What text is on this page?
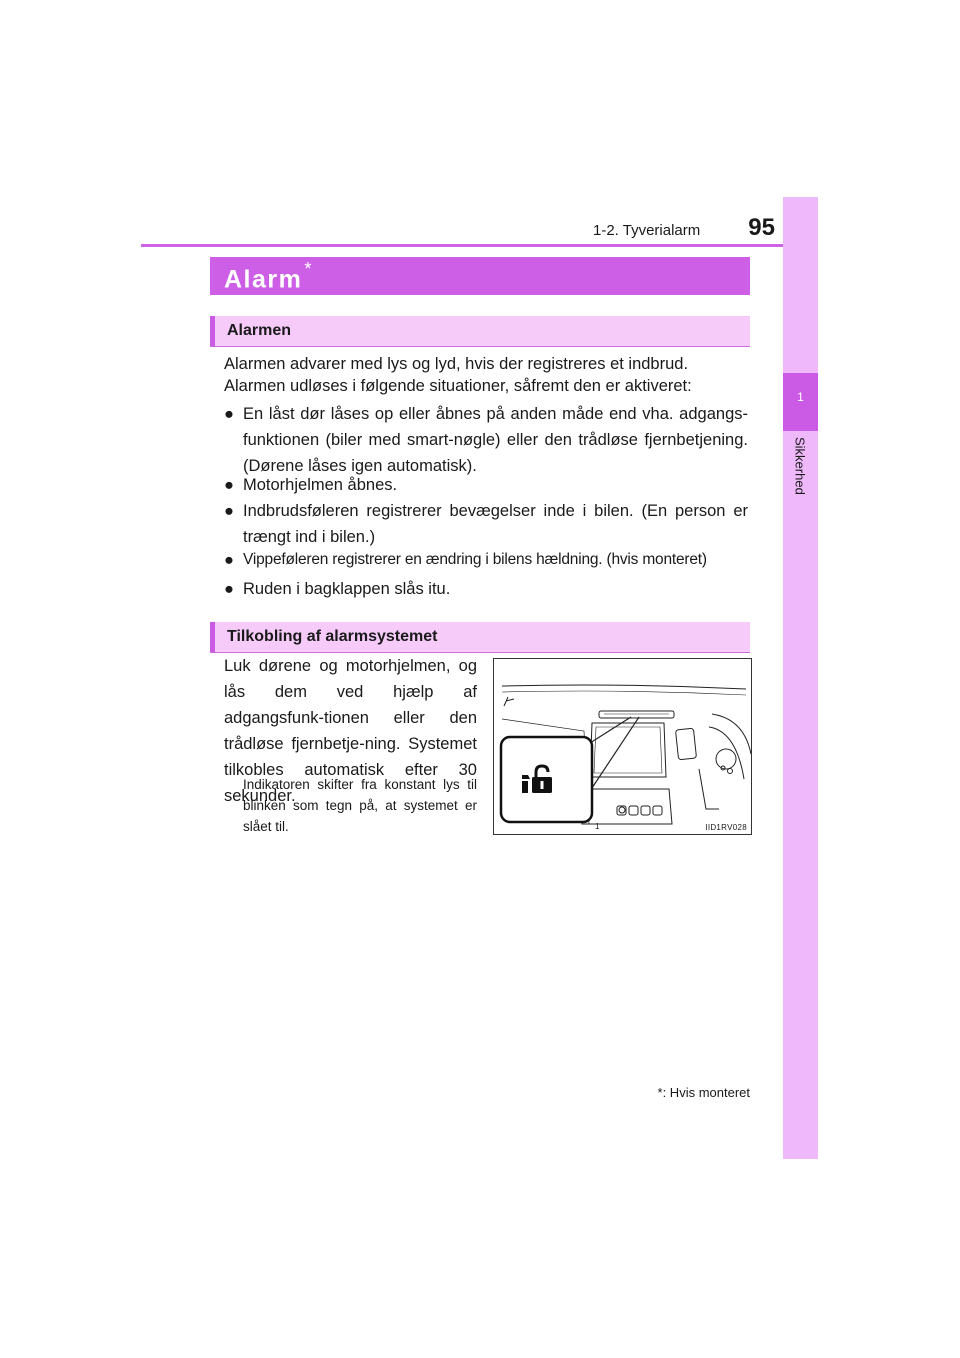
1-2. Tyverialarm	95
1
Sikkerhed
Alarm *
Alarmen
Alarmen advarer med lys og lyd, hvis der registreres et indbrud.
Alarmen udløses i følgende situationer, såfremt den er aktiveret:
● En låst dør låses op eller åbnes på anden måde end vha. adgangs-funktionen (biler med smart-nøgle) eller den trådløse fjernbetjening. (Dørene låses igen automatisk).
● Motorhjelmen åbnes.
● Indbrudsføleren registrerer bevægelser inde i bilen. (En person er trængt ind i bilen.)
● Vippeføleren registrerer en ændring i bilens hældning. (hvis monteret)
● Ruden i bagklappen slås itu.
Tilkobling af alarmsystemet
Luk dørene og motorhjelmen, og lås dem ved hjælp af adgangsfunk-tionen eller den trådløse fjernbetje-ning. Systemet tilkobles automatisk efter 30 sekunder.
Indikatoren skifter fra konstant lys til blinken som tegn på, at systemet er slået til.	1	IID1RV028
*: Hvis monteret
